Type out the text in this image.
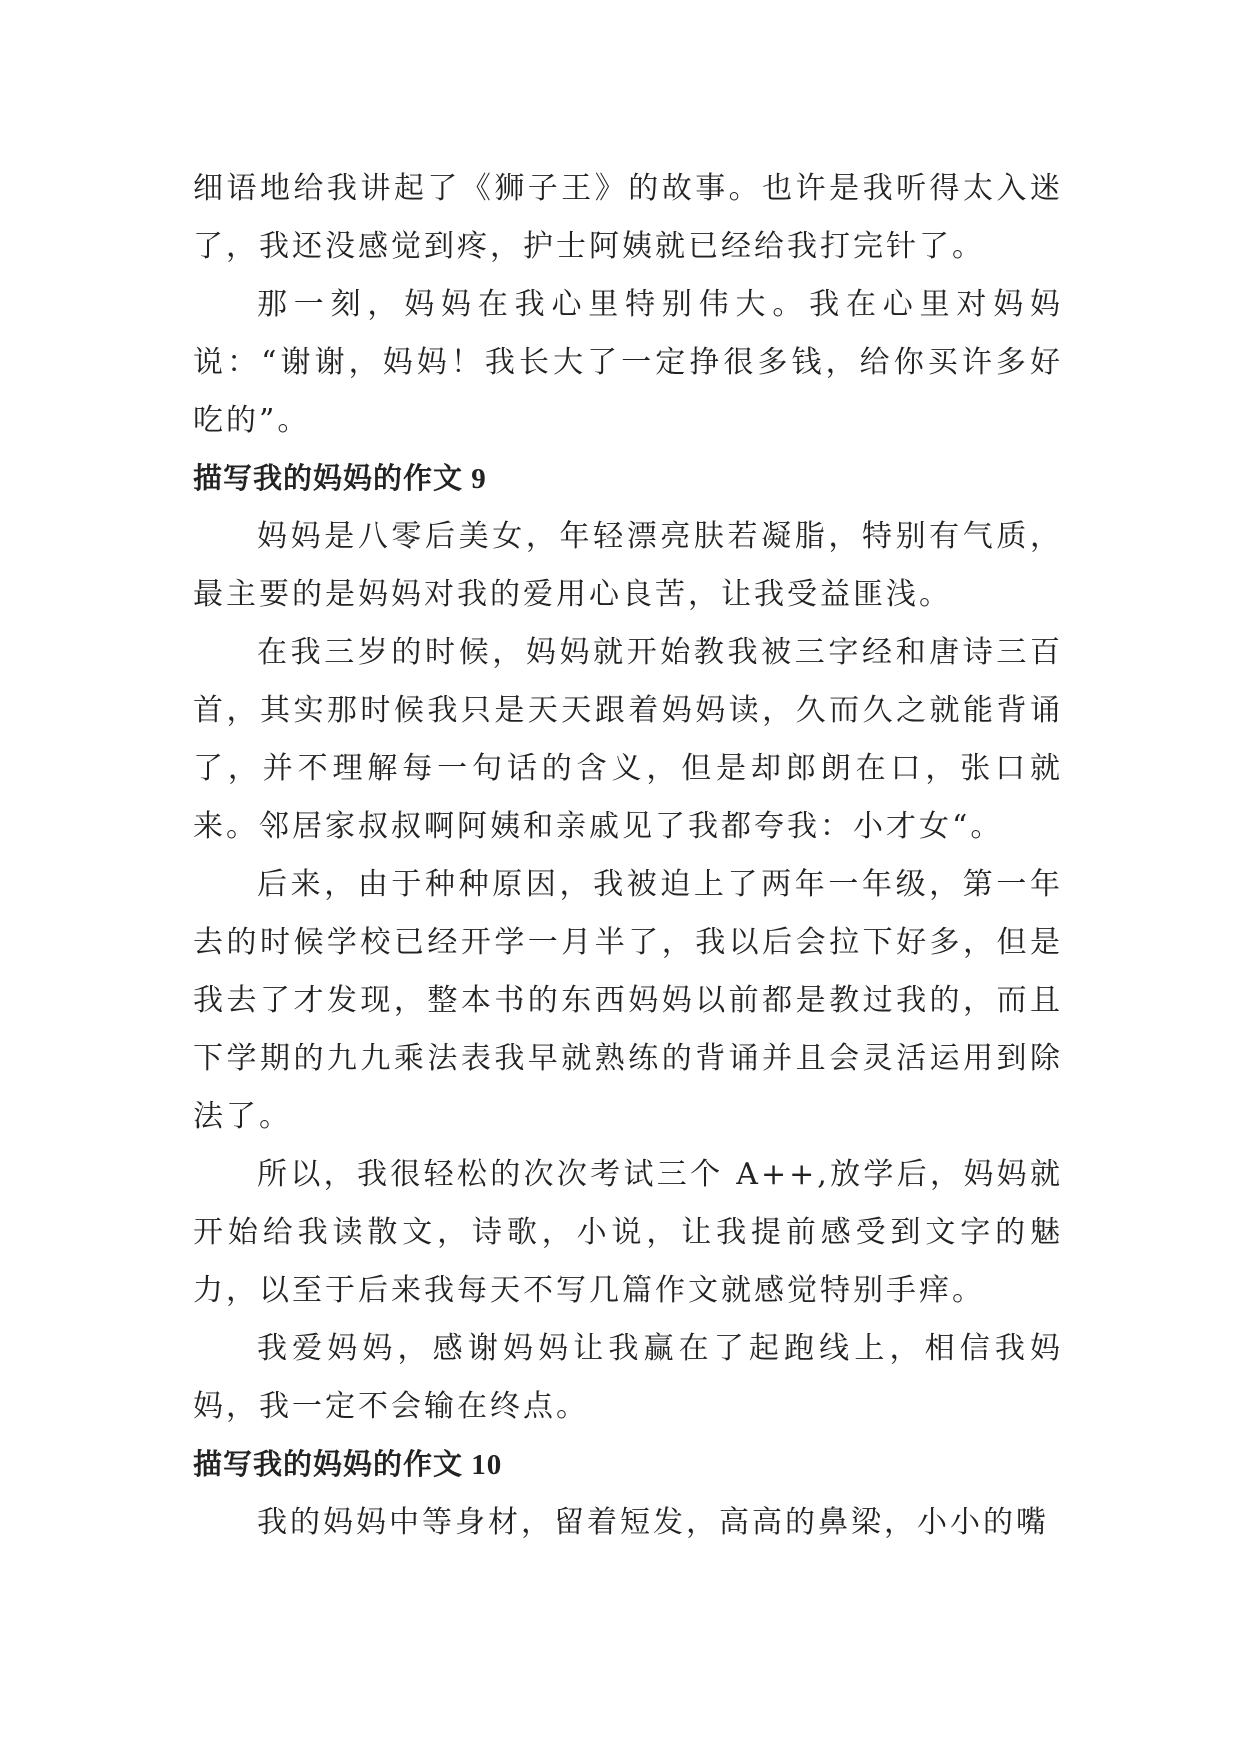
细语地给我讲起了《狮子王》的故事。也许是我听得太入迷了，我还没感觉到疼，护士阿姨就已经给我打完针了。

那一刻，妈妈在我心里特别伟大。我在心里对妈妈说：“谢谢，妈妈！我长大了一定挣很多钱，给你买许多好吃的”。

描写我的妈妈的作文 9

妈妈是八零后美女，年轻漂亮肤若凝脂，特别有气质，最主要的是妈妈对我的爱用心良苦，让我受益匪浅。

在我三岁的时候，妈妈就开始教我被三字经和唐诗三百首，其实那时候我只是天天跟着妈妈读，久而久之就能背诵了，并不理解每一句话的含义，但是却郎朗在口，张口就来。邻居家叔叔啊阿姨和亲戚见了我都夸我：小才女“。

后来，由于种种原因，我被迫上了两年一年级，第一年去的时候学校已经开学一月半了，我以后会拉下好多，但是我去了才发现，整本书的东西妈妈以前都是教过我的，而且下学期的九九乘法表我早就熟练的背诵并且会灵活运用到除法了。

所以，我很轻松的次次考试三个 A++,放学后，妈妈就开始给我读散文，诗歌，小说，让我提前感受到文字的魅力，以至于后来我每天不写几篇作文就感觉特别手痒。

我爱妈妈，感谢妈妈让我赢在了起跑线上，相信我妈妈，我一定不会输在终点。

描写我的妈妈的作文 10

我的妈妈中等身材，留着短发，高高的鼻梁，小小的嘴
